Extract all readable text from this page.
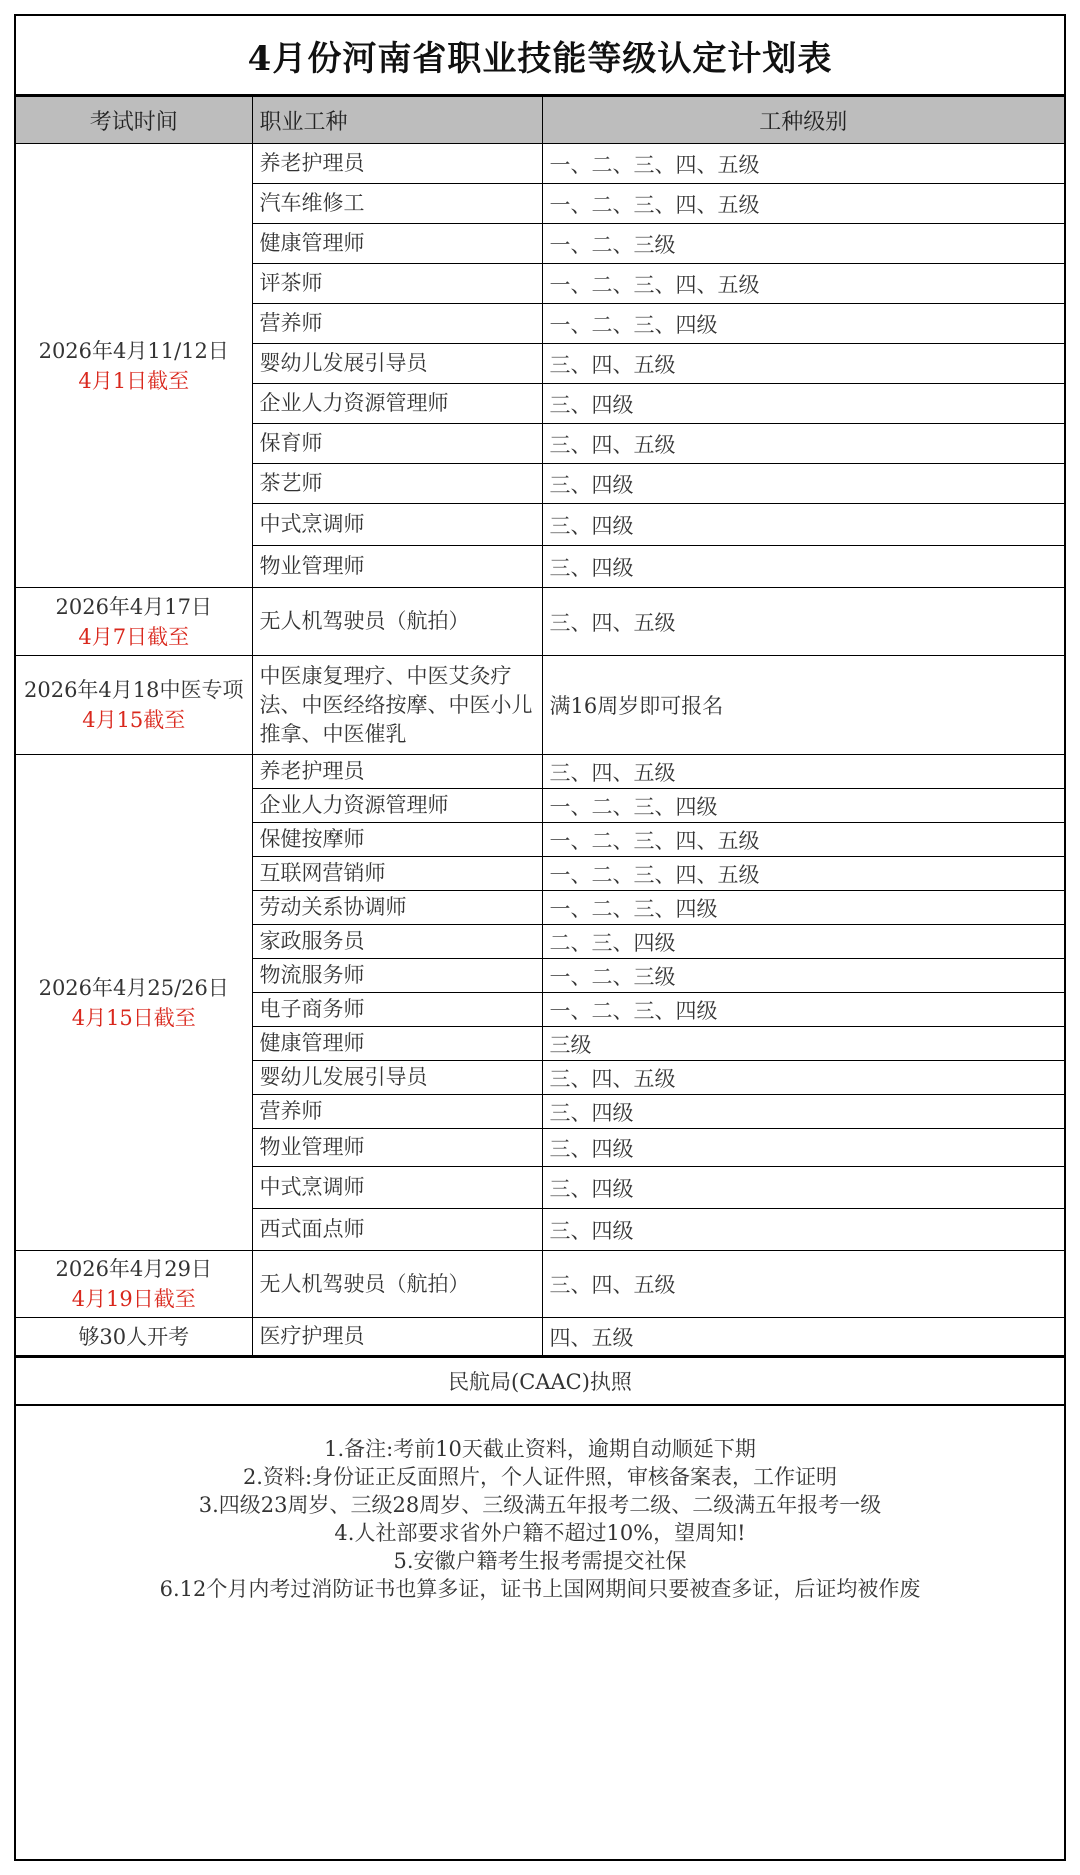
4月份河南省职业技能等级认定计划表
考试时间	职业工种	工种级别

2026年4月11/12日
4月1日截至	养老护理员	一、二、三、四、五级
	汽车维修工	一、二、三、四、五级
	健康管理师	一、二、三级
	评茶师	一、二、三、四、五级
	营养师	一、二、三、四级
	婴幼儿发展引导员	三、四、五级
	企业人力资源管理师	三、四级
	保育师	三、四、五级
	茶艺师	三、四级
	中式烹调师	三、四级
	物业管理师	三、四级

2026年4月17日
4月7日截至	无人机驾驶员（航拍）	三、四、五级

2026年4月18中医专项
4月15截至	中医康复理疗、中医艾灸疗法、中医经络按摩、中医小儿推拿、中医催乳	满16周岁即可报名

2026年4月25/26日
4月15日截至	养老护理员	三、四、五级
	企业人力资源管理师	一、二、三、四级
	保健按摩师	一、二、三、四、五级
	互联网营销师	一、二、三、四、五级
	劳动关系协调师	一、二、三、四级
	家政服务员	二、三、四级
	物流服务师	一、二、三级
	电子商务师	一、二、三、四级
	健康管理师	三级
	婴幼儿发展引导员	三、四、五级
	营养师	三、四级
	物业管理师	三、四级
	中式烹调师	三、四级
	西式面点师	三、四级

2026年4月29日
4月19日截至	无人机驾驶员（航拍）	三、四、五级

够30人开考	医疗护理员	四、五级
民航局(CAAC)执照
1.备注:考前10天截止资料，逾期自动顺延下期
2.资料:身份证正反面照片，个人证件照，审核备案表，工作证明
3.四级23周岁、三级28周岁、三级满五年报考二级、二级满五年报考一级
4.人社部要求省外户籍不超过10%，望周知!
5.安徽户籍考生报考需提交社保
6.12个月内考过消防证书也算多证，证书上国网期间只要被查多证，后证均被作废
